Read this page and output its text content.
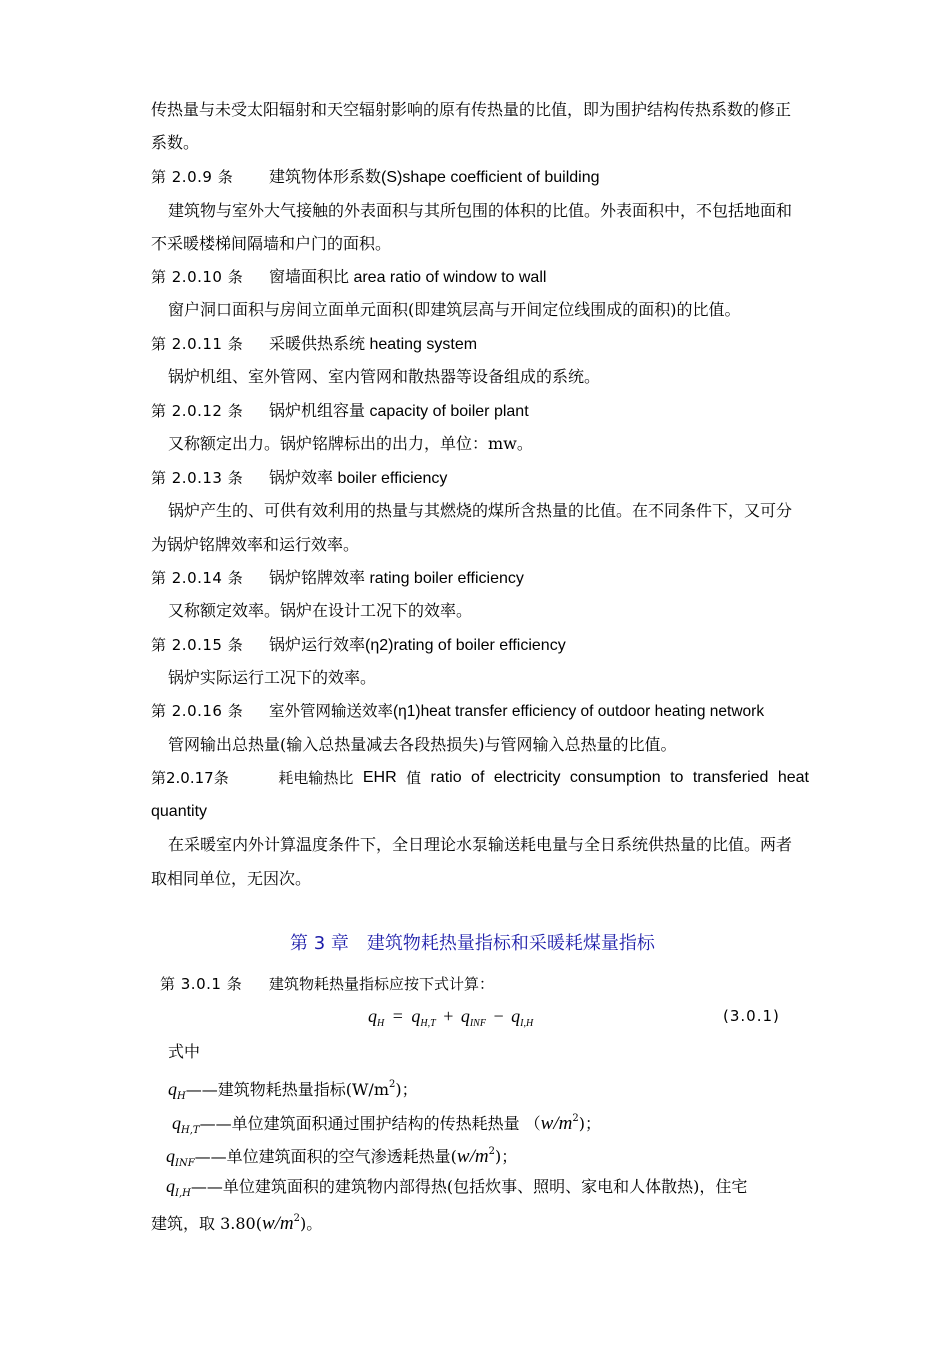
传热量与未受太阳辐射和天空辐射影响的原有传热量的比值，即为围护结构传热系数的修正
系数。
第 2.0.9 条 建筑物体形系数(S)shape coefficient of building
建筑物与室外大气接触的外表面积与其所包围的体积的比值。外表面积中，不包括地面和
不采暖楼梯间隔墙和户门的面积。
第 2.0.10 条 窗墙面积比 area ratio of window to wall
窗户洞口面积与房间立面单元面积(即建筑层高与开间定位线围成的面积)的比值。
第 2.0.11 条 采暖供热系统 heating system
锅炉机组、室外管网、室内管网和散热器等设备组成的系统。
第 2.0.12 条 锅炉机组容量 capacity of boiler plant
又称额定出力。锅炉铭牌标出的出力，单位：mw。
第 2.0.13 条 锅炉效率 boiler efficiency
锅炉产生的、可供有效利用的热量与其燃烧的煤所含热量的比值。在不同条件下，又可分
为锅炉铭牌效率和运行效率。
第 2.0.14 条 锅炉铭牌效率 rating boiler efficiency
又称额定效率。锅炉在设计工况下的效率。
第 2.0.15 条 锅炉运行效率(η2)rating of boiler efficiency
锅炉实际运行工况下的效率。
第 2.0.16 条 室外管网输送效率(η1)heat transfer efficiency of outdoor heating network
管网输出总热量(输入总热量减去各段热损失)与管网输入总热量的比值。
第2.0.17条	耗电输热比 EHR 值 ratio of electricity consumption to transferied heat
quantity
在采暖室内外计算温度条件下，全日理论水泵输送耗电量与全日系统供热量的比值。两者
取相同单位，无因次。
第 3 章 建筑物耗热量指标和采暖耗煤量指标
第 3.0.1 条 建筑物耗热量指标应按下式计算：
$q_H = q_{H,T} + q_{INF} - q_{I,H}$	(3.0.1)
式中
$q_H——$建筑物耗热量指标$(W/m^2)$；
$q_{H,T}——$单位建筑面积通过围护结构的传热耗热量 $(w/m^2)$；
$q_{INF}——$单位建筑面积的空气渗透耗热量$(w/m^2)$；
$q_{I,H}——$单位建筑面积的建筑物内部得热(包括炊事、照明、家电和人体散热)，住宅
建筑，取 $3.80(w/m^2)$。
